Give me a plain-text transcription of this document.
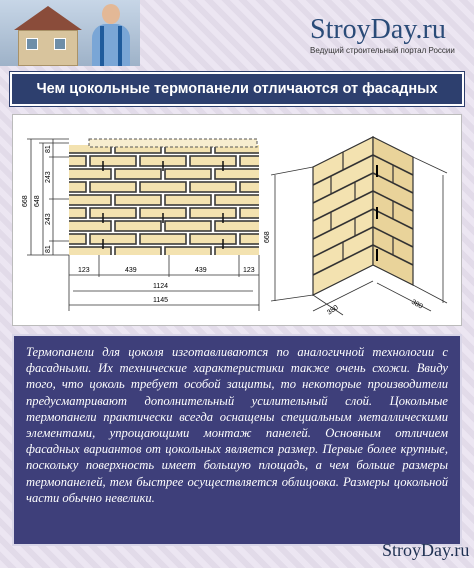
StroyDay.ru
Ведущий строительный портал России
Чем цокольные термопанели отличаются от фасадных
668 648
81
243
243
81
123	439	439	123
1124
1145
668
380	380

Термопанели для цоколя изготавливаются по аналогичной технологии с фасадными. Их технические характеристики также очень схожи. Ввиду того, что цоколь требует особой защиты, то некоторые производители предусматривают дополнительный усилительный слой. Цокольные термопанели практически всегда оснащены специальным металлическими элементами, упрощающими монтаж панелей. Основным отличием фасадных вариантов от цокольных является размер. Первые более крупные, поскольку поверхность имеет большую площадь, а чем больше размеры термопанелей, тем быстрее осуществляется облицовка. Размеры цокольной части обычно невелики.

StroyDay.ru
